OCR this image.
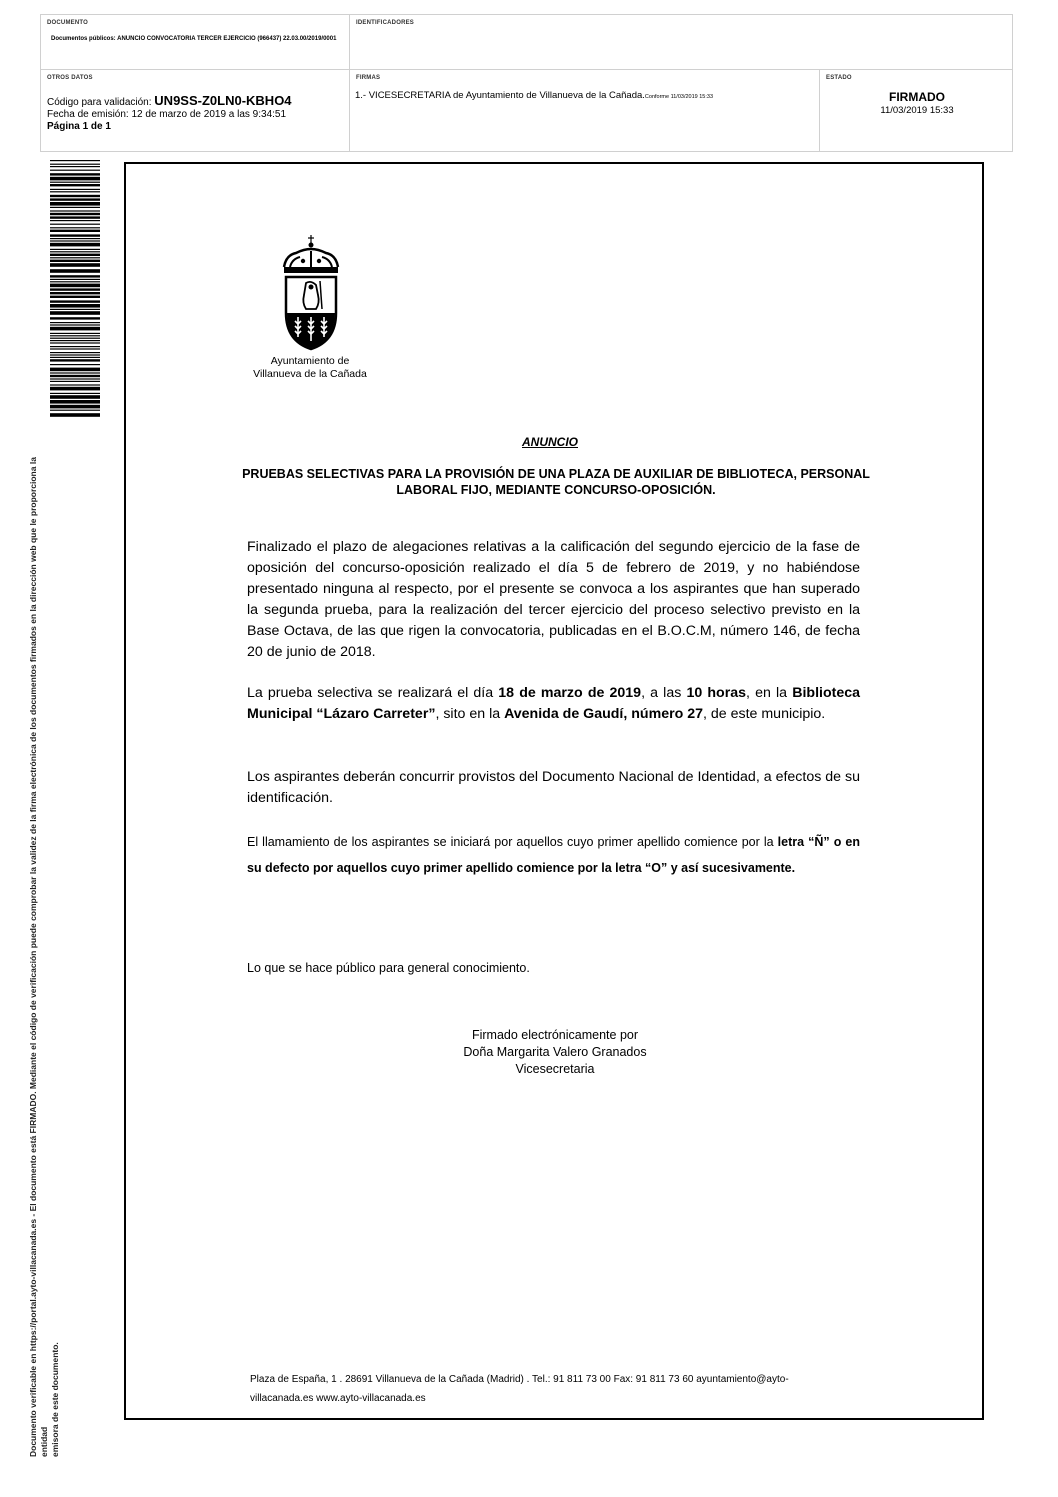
DOCUMENTO
Documentos públicos: ANUNCIO CONVOCATORIA TERCER EJERCICIO (966437) 22.03.00/2019/0001
IDENTIFICADORES
OTROS DATOS
Código para validación: UN9SS-Z0LN0-KBHO4
Fecha de emisión: 12 de marzo de 2019 a las 9:34:51
Página 1 de 1
FIRMAS
1.- VICESECRETARIA de Ayuntamiento de Villanueva de la Cañada.Conforme 11/03/2019 15:33
ESTADO
FIRMADO
11/03/2019 15:33
Documento verificable en https://portal.ayto-villacanada.es - El documento está FIRMADO. Mediante el código de verificación puede comprobar la validez de la firma electrónica de los documentos firmados en la dirección web que le proporciona la entidad emisora de este documento.
Ayuntamiento de
Villanueva de la Cañada
ANUNCIO
PRUEBAS SELECTIVAS PARA LA PROVISIÓN DE UNA PLAZA DE AUXILIAR DE BIBLIOTECA, PERSONAL LABORAL FIJO, MEDIANTE CONCURSO-OPOSICIÓN.
Finalizado el plazo de alegaciones relativas a la calificación del segundo ejercicio de la fase de oposición del concurso-oposición realizado el día 5 de febrero de 2019, y no habiéndose presentado ninguna al respecto, por el presente se convoca a los aspirantes que han superado la segunda prueba, para la realización del tercer ejercicio del proceso selectivo previsto en la Base Octava, de las que rigen la convocatoria, publicadas en el B.O.C.M, número 146, de fecha 20 de junio de 2018.
La prueba selectiva se realizará el día 18 de marzo de 2019, a las 10 horas, en la Biblioteca Municipal “Lázaro Carreter”, sito en la Avenida de Gaudí, número 27, de este municipio.
Los aspirantes deberán concurrir provistos del Documento Nacional de Identidad, a efectos de su identificación.
El llamamiento de los aspirantes se iniciará por aquellos cuyo primer apellido comience por la letra “Ñ” o en su defecto por aquellos cuyo primer apellido comience por la letra “O” y así sucesivamente.
Lo que se hace público para general conocimiento.
Firmado electrónicamente por
Doña Margarita Valero Granados
Vicesecretaria
Plaza de España, 1 . 28691 Villanueva de la Cañada (Madrid) . Tel.: 91 811 73 00 Fax: 91 811 73 60 ayuntamiento@ayto-
villacanada.es www.ayto-villacanada.es
